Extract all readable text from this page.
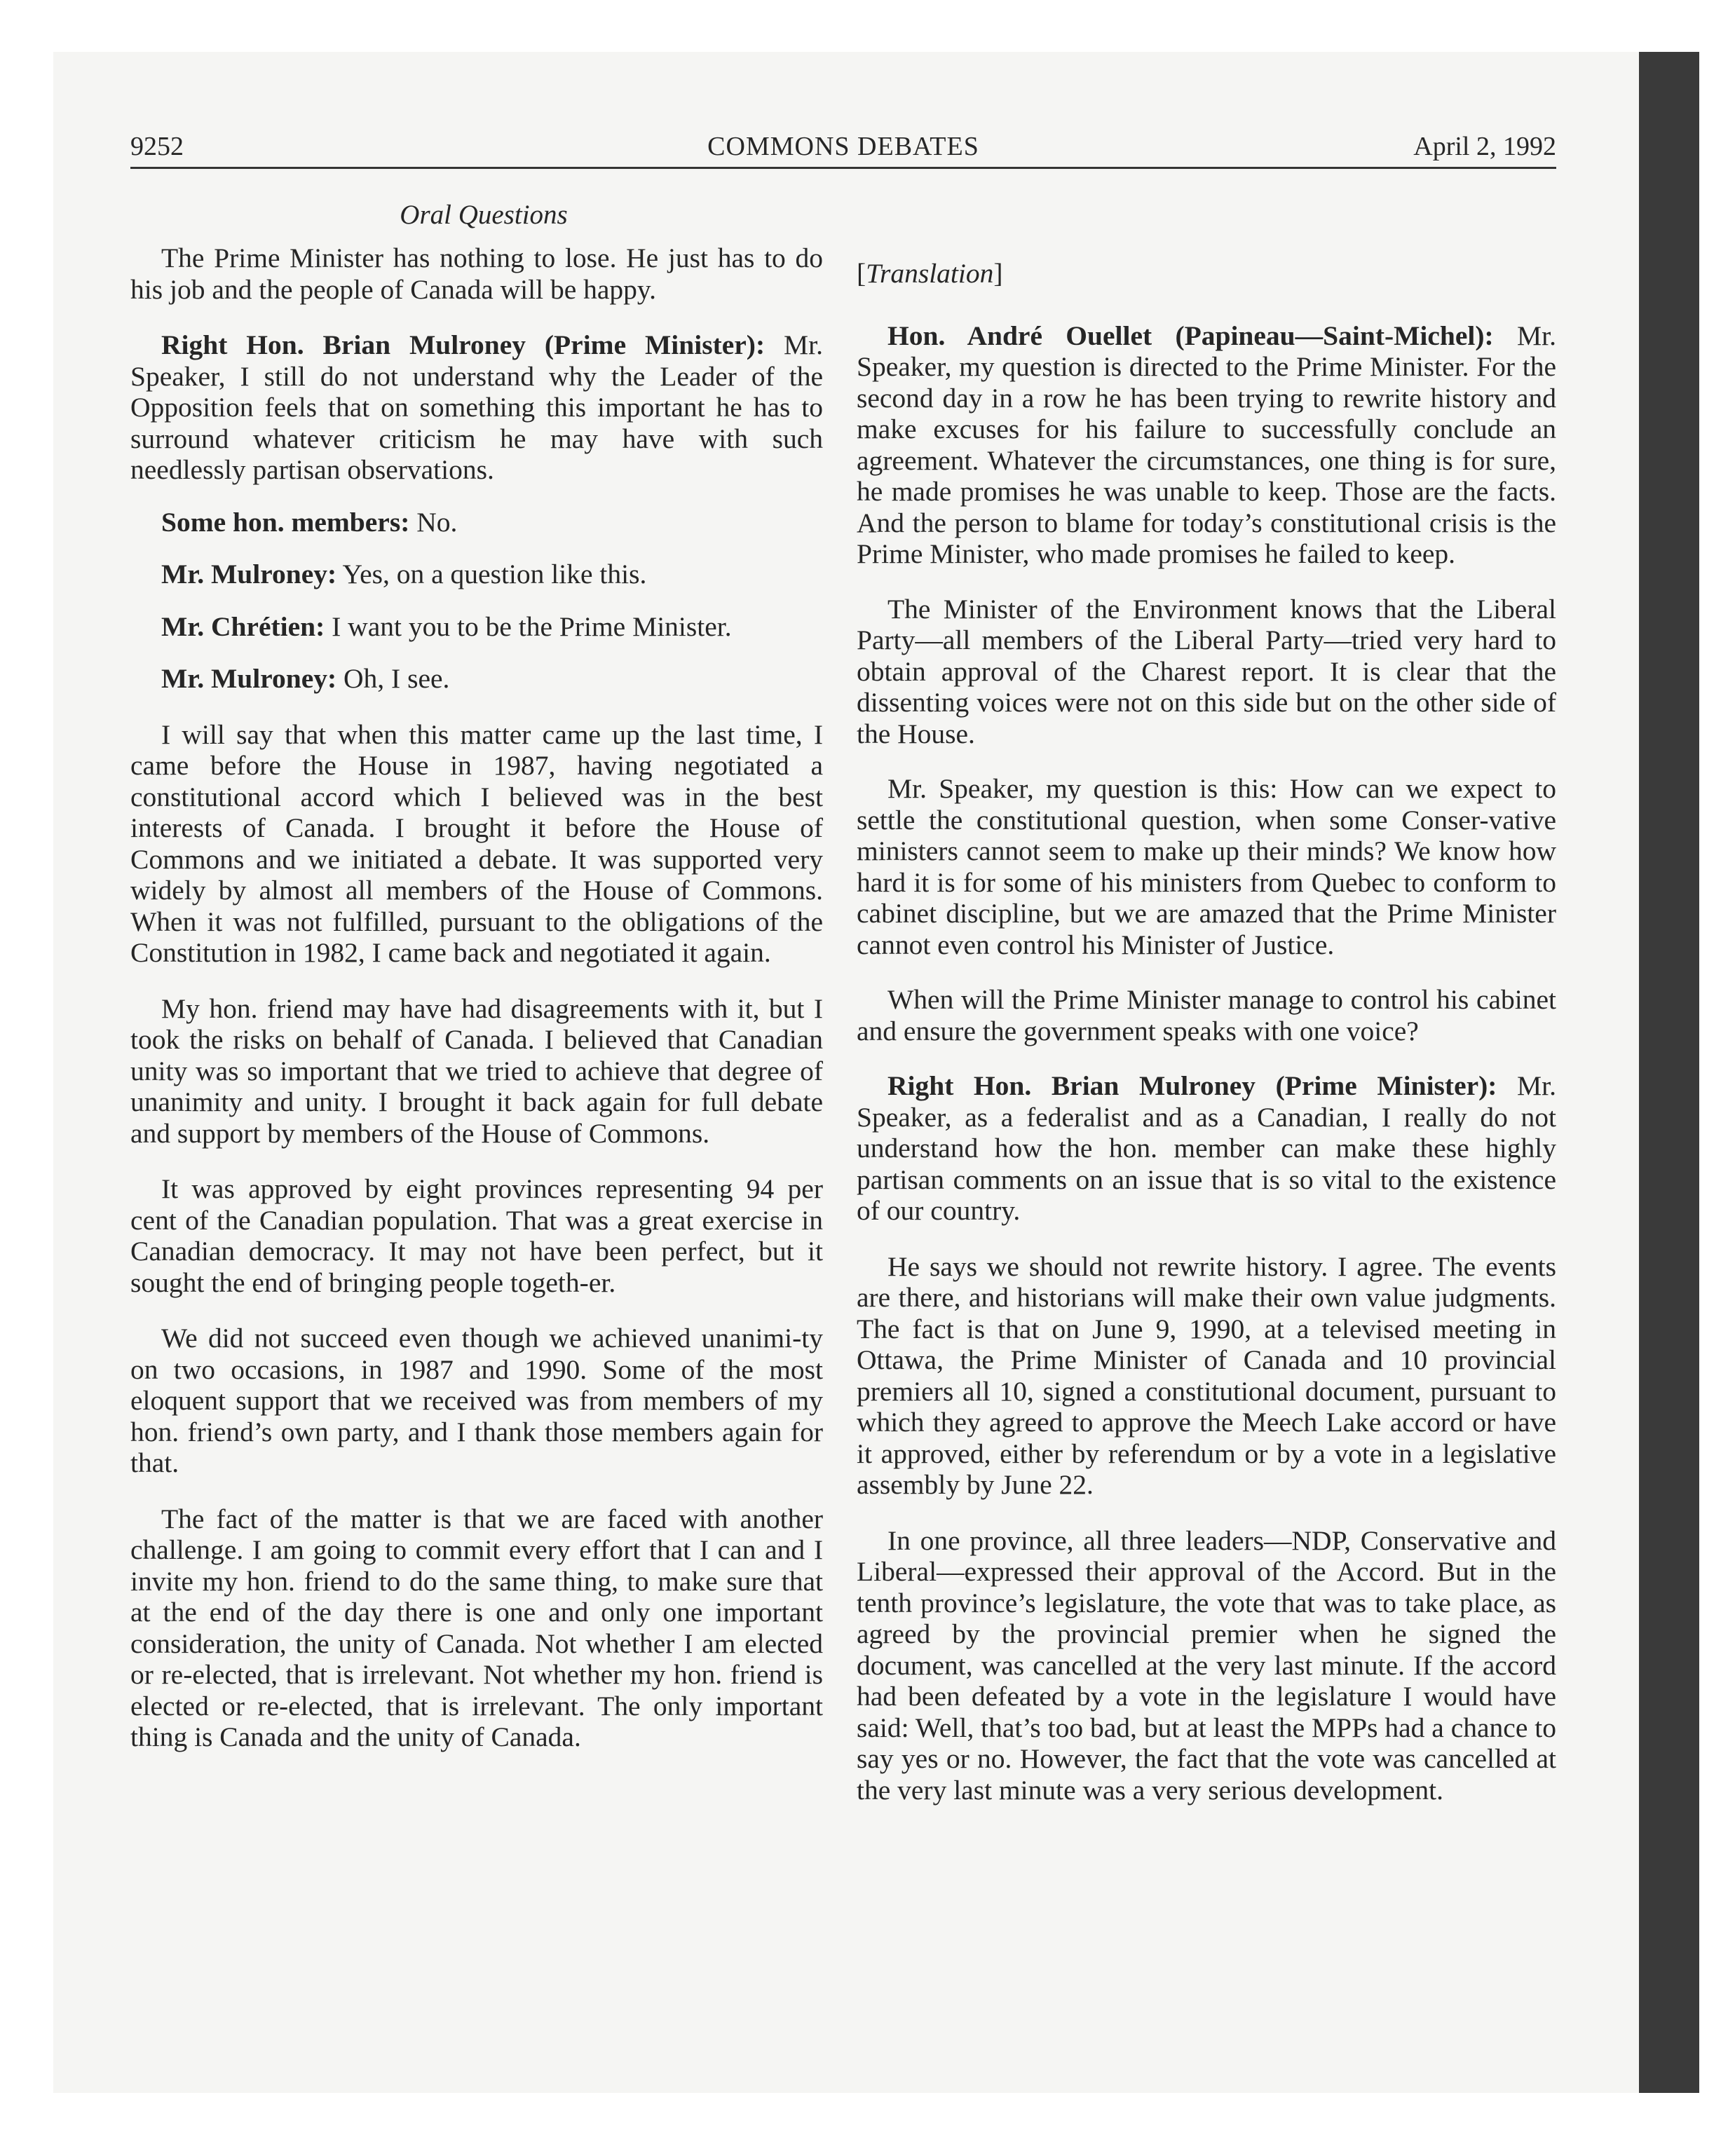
9252	COMMONS DEBATES	April 2, 1992

Oral Questions

The Prime Minister has nothing to lose. He just has to do his job and the people of Canada will be happy.

Right Hon. Brian Mulroney (Prime Minister): Mr. Speaker, I still do not understand why the Leader of the Opposition feels that on something this important he has to surround whatever criticism he may have with such needlessly partisan observations.

Some hon. members: No.

Mr. Mulroney: Yes, on a question like this.

Mr. Chrétien: I want you to be the Prime Minister.

Mr. Mulroney: Oh, I see.

I will say that when this matter came up the last time, I came before the House in 1987, having negotiated a constitutional accord which I believed was in the best interests of Canada. I brought it before the House of Commons and we initiated a debate. It was supported very widely by almost all members of the House of Commons. When it was not fulfilled, pursuant to the obligations of the Constitution in 1982, I came back and negotiated it again.

My hon. friend may have had disagreements with it, but I took the risks on behalf of Canada. I believed that Canadian unity was so important that we tried to achieve that degree of unanimity and unity. I brought it back again for full debate and support by members of the House of Commons.

It was approved by eight provinces representing 94 per cent of the Canadian population. That was a great exercise in Canadian democracy. It may not have been perfect, but it sought the end of bringing people togeth-er.

We did not succeed even though we achieved unanimi-ty on two occasions, in 1987 and 1990. Some of the most eloquent support that we received was from members of my hon. friend’s own party, and I thank those members again for that.

The fact of the matter is that we are faced with another challenge. I am going to commit every effort that I can and I invite my hon. friend to do the same thing, to make sure that at the end of the day there is one and only one important consideration, the unity of Canada. Not whether I am elected or re-elected, that is irrelevant. Not whether my hon. friend is elected or re-elected, that is irrelevant. The only important thing is Canada and the unity of Canada.

[Translation]

Hon. André Ouellet (Papineau—Saint-Michel): Mr. Speaker, my question is directed to the Prime Minister. For the second day in a row he has been trying to rewrite history and make excuses for his failure to successfully conclude an agreement. Whatever the circumstances, one thing is for sure, he made promises he was unable to keep. Those are the facts. And the person to blame for today’s constitutional crisis is the Prime Minister, who made promises he failed to keep.

The Minister of the Environment knows that the Liberal Party—all members of the Liberal Party—tried very hard to obtain approval of the Charest report. It is clear that the dissenting voices were not on this side but on the other side of the House.

Mr. Speaker, my question is this: How can we expect to settle the constitutional question, when some Conser-vative ministers cannot seem to make up their minds? We know how hard it is for some of his ministers from Quebec to conform to cabinet discipline, but we are amazed that the Prime Minister cannot even control his Minister of Justice.

When will the Prime Minister manage to control his cabinet and ensure the government speaks with one voice?

Right Hon. Brian Mulroney (Prime Minister): Mr. Speaker, as a federalist and as a Canadian, I really do not understand how the hon. member can make these highly partisan comments on an issue that is so vital to the existence of our country.

He says we should not rewrite history. I agree. The events are there, and historians will make their own value judgments. The fact is that on June 9, 1990, at a televised meeting in Ottawa, the Prime Minister of Canada and 10 provincial premiers all 10, signed a constitutional document, pursuant to which they agreed to approve the Meech Lake accord or have it approved, either by referendum or by a vote in a legislative assembly by June 22.

In one province, all three leaders—NDP, Conservative and Liberal—expressed their approval of the Accord. But in the tenth province’s legislature, the vote that was to take place, as agreed by the provincial premier when he signed the document, was cancelled at the very last minute. If the accord had been defeated by a vote in the legislature I would have said: Well, that’s too bad, but at least the MPPs had a chance to say yes or no. However, the fact that the vote was cancelled at the very last minute was a very serious development.
